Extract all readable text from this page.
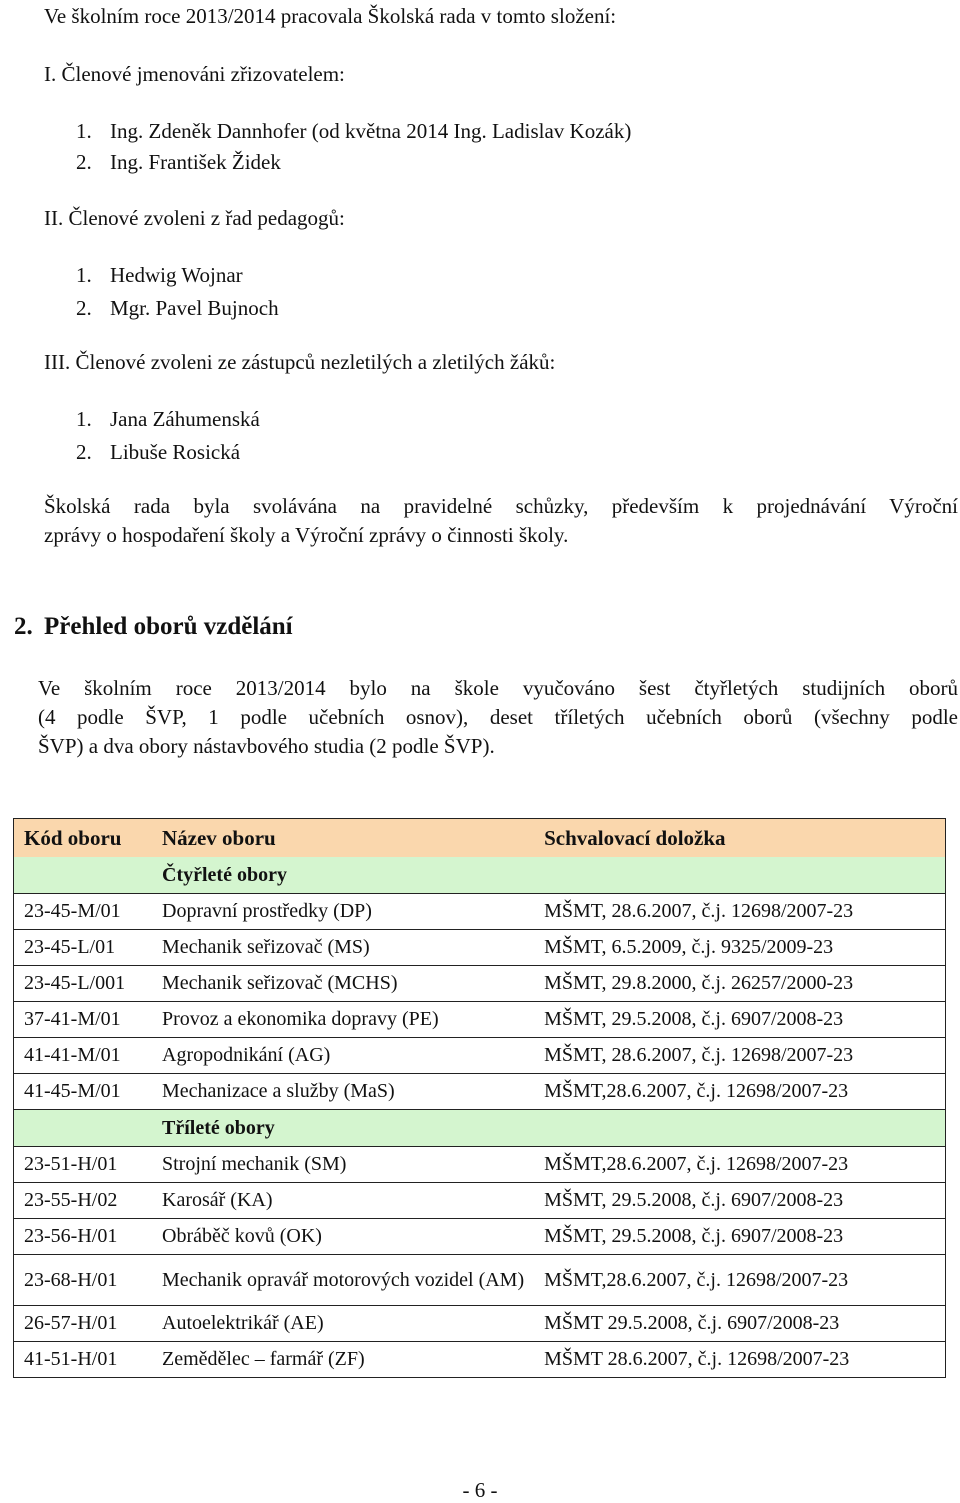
Ve školním roce 2013/2014 pracovala Školská rada v tomto složení:
I. Členové jmenováni zřizovatelem:
1. Ing. Zdeněk Dannhofer (od května 2014 Ing. Ladislav Kozák)
2. Ing. František Židek
II. Členové zvoleni z řad pedagogů:
1. Hedwig Wojnar
2. Mgr. Pavel Bujnoch
III. Členové zvoleni ze zástupců nezletilých a zletilých žáků:
1. Jana Záhumenská
2. Libuše Rosická
Školská rada byla svolávána na pravidelné schůzky, především k projednávání Výroční
zprávy o hospodaření školy a Výroční zprávy o činnosti školy.
2. Přehled oborů vzdělání
Ve školním roce 2013/2014 bylo na škole vyučováno šest čtyřletých studijních oborů
(4 podle ŠVP, 1 podle učebních osnov), deset tříletých učebních oborů (všechny podle
ŠVP) a dva obory nástavbového studia (2 podle ŠVP).
Kód oboru	Název oboru	Schvalovací doložka
	Čtyřleté obory	
23-45-M/01	Dopravní prostředky (DP)	MŠMT, 28.6.2007, č.j. 12698/2007-23
23-45-L/01	Mechanik seřizovač (MS)	MŠMT, 6.5.2009, č.j. 9325/2009-23
23-45-L/001	Mechanik seřizovač (MCHS)	MŠMT, 29.8.2000, č.j. 26257/2000-23
37-41-M/01	Provoz a ekonomika dopravy (PE)	MŠMT, 29.5.2008, č.j. 6907/2008-23
41-41-M/01	Agropodnikání (AG)	MŠMT, 28.6.2007, č.j. 12698/2007-23
41-45-M/01	Mechanizace a služby (MaS)	MŠMT,28.6.2007, č.j. 12698/2007-23
	Tříleté obory	
23-51-H/01	Strojní mechanik (SM)	MŠMT,28.6.2007, č.j. 12698/2007-23
23-55-H/02	Karosář (KA)	MŠMT, 29.5.2008, č.j. 6907/2008-23
23-56-H/01	Obráběč kovů (OK)	MŠMT, 29.5.2008, č.j. 6907/2008-23
23-68-H/01	Mechanik opravář motorových vozidel (AM)	MŠMT,28.6.2007, č.j. 12698/2007-23
26-57-H/01	Autoelektrikář (AE)	MŠMT 29.5.2008, č.j. 6907/2008-23
41-51-H/01	Zemědělec – farmář (ZF)	MŠMT 28.6.2007, č.j. 12698/2007-23
- 6 -
